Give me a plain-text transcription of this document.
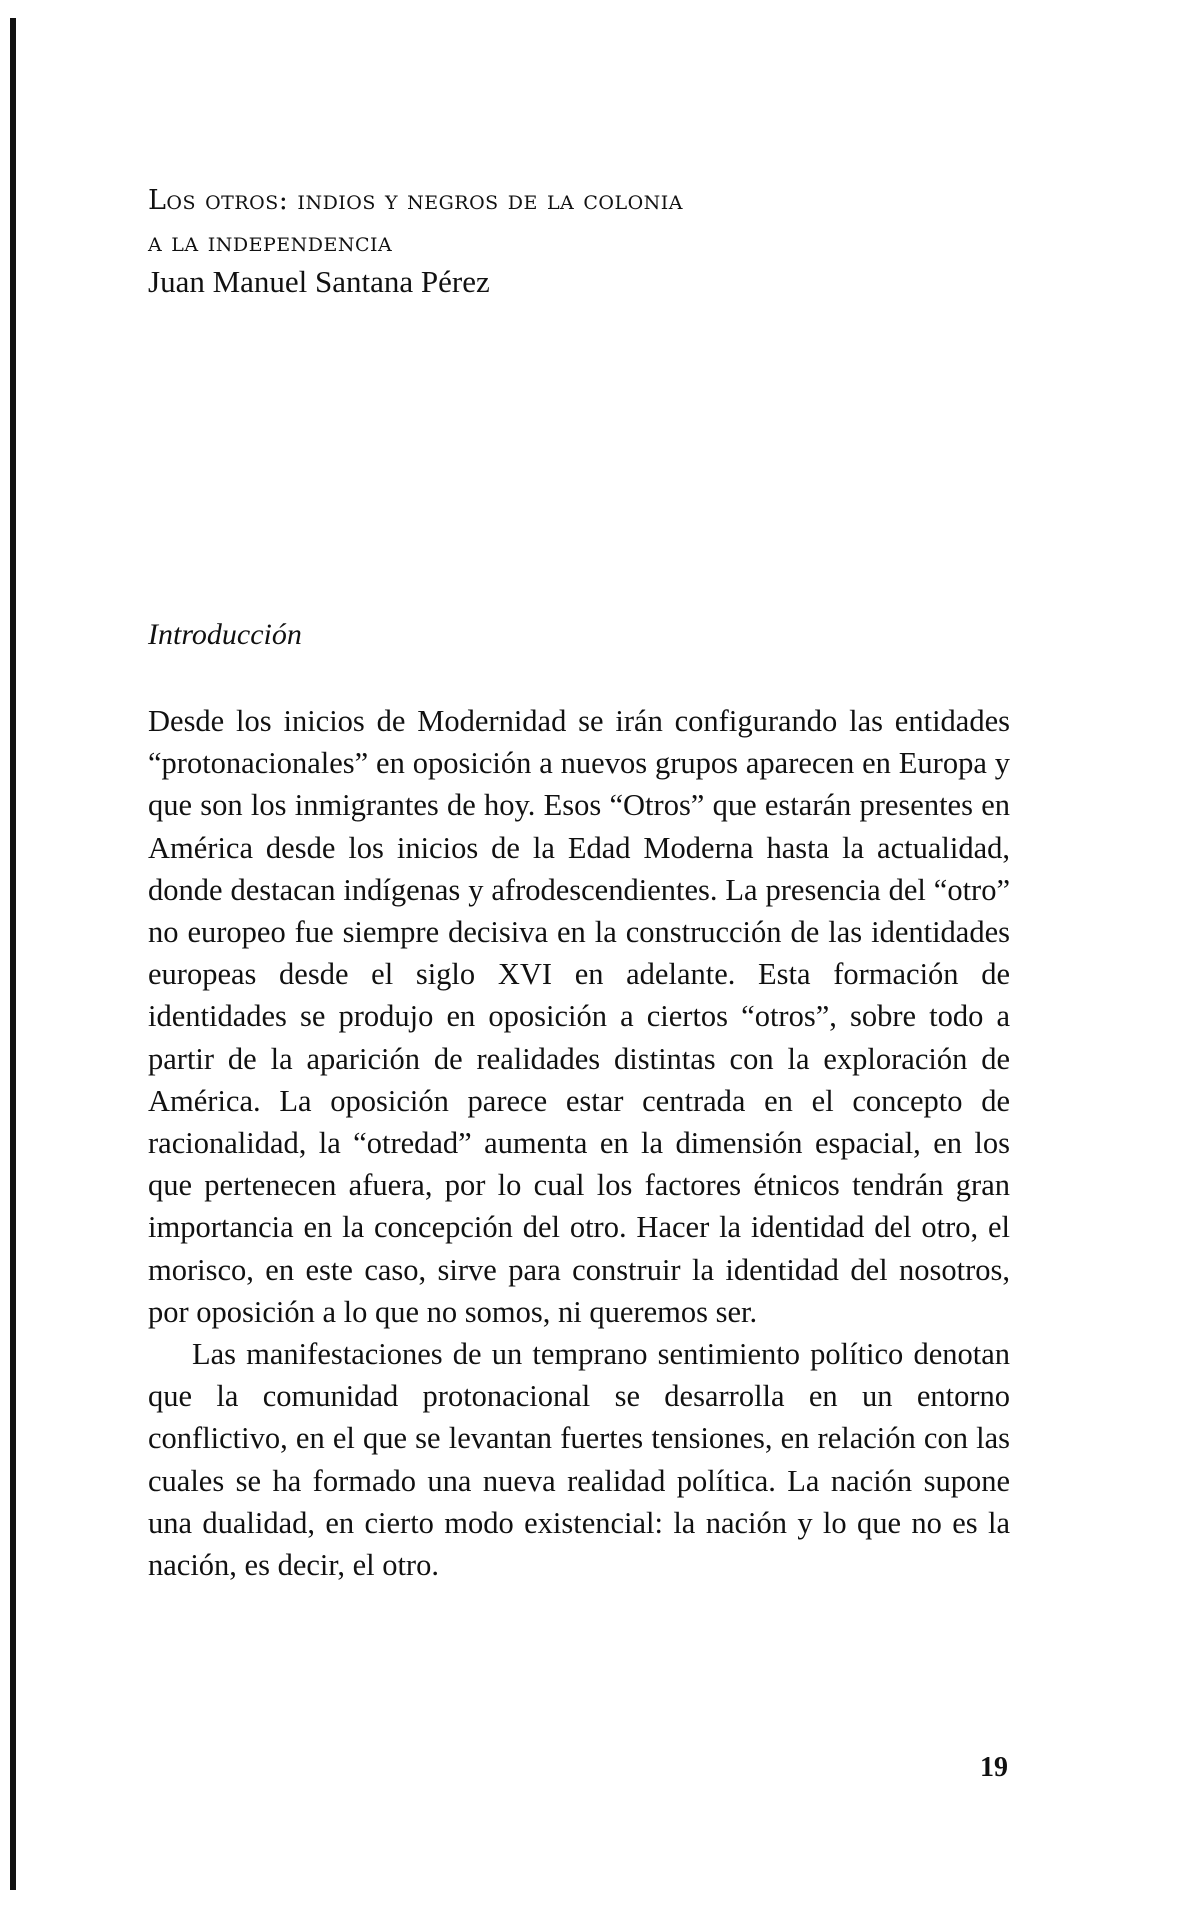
Los otros: indios y negros de la colonia
a la independencia
Juan Manuel Santana Pérez
Introducción

Desde los inicios de Modernidad se irán configurando las entidades “protonacionales” en oposición a nuevos grupos aparecen en Europa y que son los inmigrantes de hoy. Esos “Otros” que estarán presentes en América desde los inicios de la Edad Moderna hasta la actualidad, donde destacan indígenas y afrodescendientes. La presencia del “otro” no europeo fue siempre decisiva en la construcción de las identidades europeas desde el siglo XVI en adelante. Esta formación de identidades se produjo en oposición a ciertos “otros”, sobre todo a partir de la aparición de realidades distintas con la exploración de América. La oposición parece estar centrada en el concepto de racionalidad, la “otredad” aumenta en la dimensión espacial, en los que pertenecen afuera, por lo cual los factores étnicos tendrán gran importancia en la concepción del otro. Hacer la identidad del otro, el morisco, en este caso, sirve para construir la identidad del nosotros, por oposición a lo que no somos, ni queremos ser.

Las manifestaciones de un temprano sentimiento político denotan que la comunidad protonacional se desarrolla en un entorno conflictivo, en el que se levantan fuertes tensiones, en relación con las cuales se ha formado una nueva realidad política. La nación supone una dualidad, en cierto modo existencial: la nación y lo que no es la nación, es decir, el otro.

19
